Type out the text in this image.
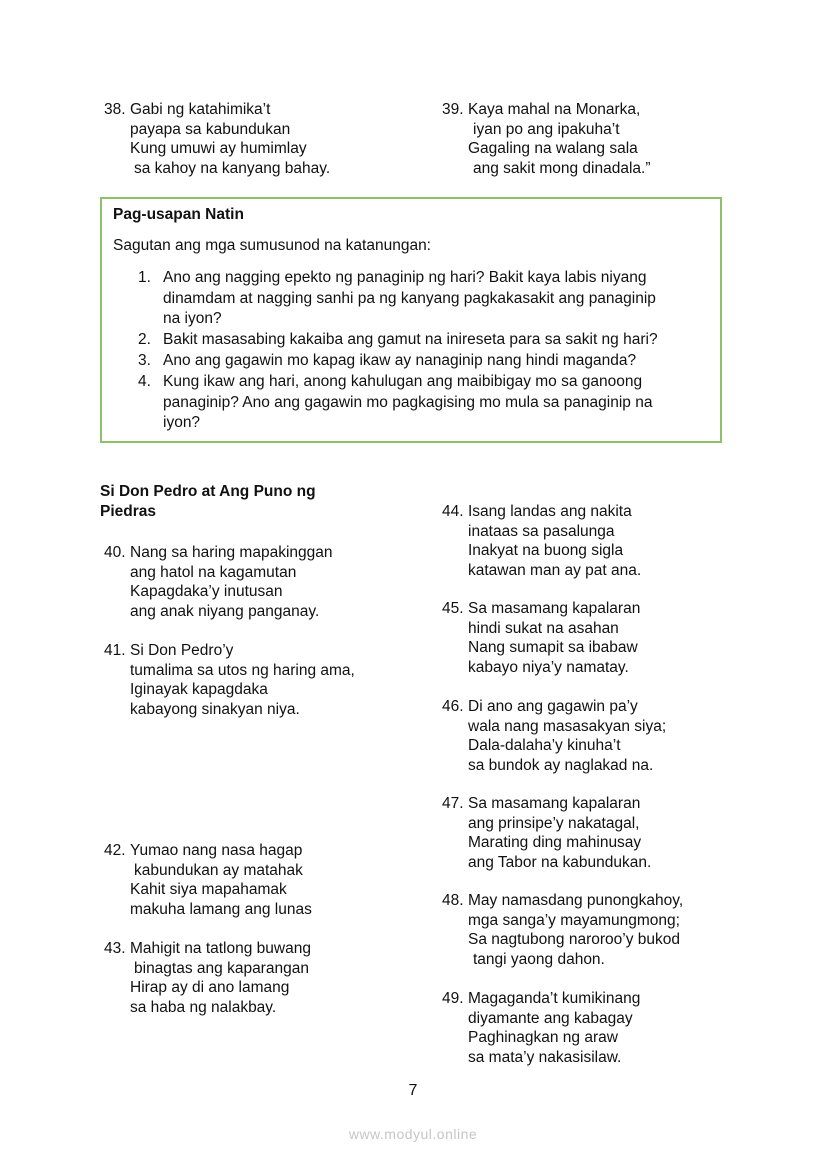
38. Gabi ng katahimika’t
payapa sa kabundukan
Kung umuwi ay humimlay
sa kahoy na kanyang bahay.
39. Kaya mahal na Monarka,
iyan po ang ipakuha’t
Gagaling na walang sala
ang sakit mong dinadala.”
Pag-usapan Natin
Sagutan ang mga sumusunod na katanungan:
1. Ano ang nagging epekto ng panaginip ng hari? Bakit kaya labis niyang
dinamdam at nagging sanhi pa ng kanyang pagkakasakit ang panaginip
na iyon?
2. Bakit masasabing kakaiba ang gamut na inireseta para sa sakit ng hari?
3. Ano ang gagawin mo kapag ikaw ay nanaginip nang hindi maganda?
4. Kung ikaw ang hari, anong kahulugan ang maibibigay mo sa ganoong
panaginip? Ano ang gagawin mo pagkagising mo mula sa panaginip na
iyon?
Si Don Pedro at Ang Puno ng
Piedras
40. Nang sa haring mapakinggan
ang hatol na kagamutan
Kapagdaka’y inutusan
ang anak niyang panganay.
41. Si Don Pedro’y
tumalima sa utos ng haring ama,
Iginayak kapagdaka
kabayong sinakyan niya.
42. Yumao nang nasa hagap
kabundukan ay matahak
Kahit siya mapahamak
makuha lamang ang lunas
43. Mahigit na tatlong buwang
binagtas ang kaparangan
Hirap ay di ano lamang
sa haba ng nalakbay.
44. Isang landas ang nakita
inataas sa pasalunga
Inakyat na buong sigla
katawan man ay pat ana.
45. Sa masamang kapalaran
hindi sukat na asahan
Nang sumapit sa ibabaw
kabayo niya’y namatay.
46. Di ano ang gagawin pa’y
wala nang masasakyan siya;
Dala-dalaha’y kinuha’t
sa bundok ay naglakad na.
47. Sa masamang kapalaran
ang prinsipe’y nakatagal,
Marating ding mahinusay
ang Tabor na kabundukan.
48. May namasdang punongkahoy,
mga sanga’y mayamungmong;
Sa nagtubong naroroo’y bukod
tangi yaong dahon.
49. Magaganda’t kumikinang
diyamante ang kabagay
Paghinagkan ng araw
sa mata’y nakasisilaw.
7
www.modyul.online
